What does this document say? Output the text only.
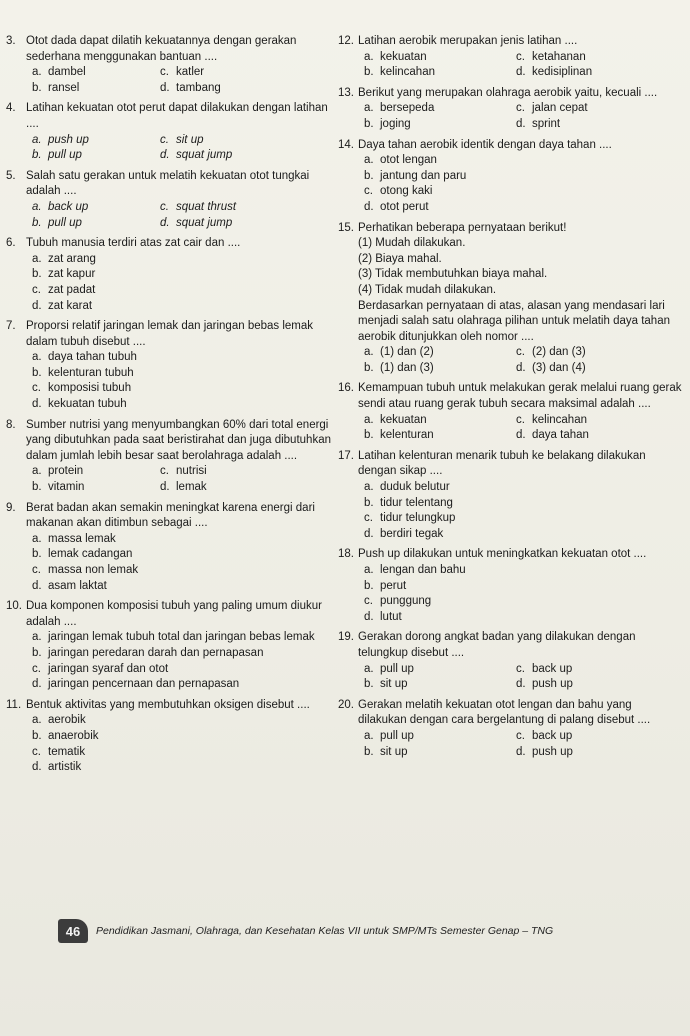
3. Otot dada dapat dilatih kekuatannya dengan gerakan sederhana menggunakan bantuan ....
a. dambel	c. katler
b. ransel	d. tambang
4. Latihan kekuatan otot perut dapat dilakukan dengan latihan ....
a. push up	c. sit up
b. pull up	d. squat jump
5. Salah satu gerakan untuk melatih kekuatan otot tungkai adalah ....
a. back up	c. squat thrust
b. pull up	d. squat jump
6. Tubuh manusia terdiri atas zat cair dan ....
a. zat arang
b. zat kapur
c. zat padat
d. zat karat
7. Proporsi relatif jaringan lemak dan jaringan bebas lemak dalam tubuh disebut ....
a. daya tahan tubuh
b. kelenturan tubuh
c. komposisi tubuh
d. kekuatan tubuh
8. Sumber nutrisi yang menyumbangkan 60% dari total energi yang dibutuhkan pada saat beristirahat dan juga dibutuhkan dalam jumlah lebih besar saat berolahraga adalah ....
a. protein	c. nutrisi
b. vitamin	d. lemak
9. Berat badan akan semakin meningkat karena energi dari makanan akan ditimbun sebagai ....
a. massa lemak
b. lemak cadangan
c. massa non lemak
d. asam laktat
10. Dua komponen komposisi tubuh yang paling umum diukur adalah ....
a. jaringan lemak tubuh total dan jaringan bebas lemak
b. jaringan peredaran darah dan pernapasan
c. jaringan syaraf dan otot
d. jaringan pencernaan dan pernapasan
11. Bentuk aktivitas yang membutuhkan oksigen disebut ....
a. aerobik
b. anaerobik
c. tematik
d. artistik
12. Latihan aerobik merupakan jenis latihan ....
a. kekuatan	c. ketahanan
b. kelincahan	d. kedisiplinan
13. Berikut yang merupakan olahraga aerobik yaitu, kecuali ....
a. bersepeda	c. jalan cepat
b. joging	d. sprint
14. Daya tahan aerobik identik dengan daya tahan ....
a. otot lengan
b. jantung dan paru
c. otong kaki
d. otot perut
15. Perhatikan beberapa pernyataan berikut!
(1) Mudah dilakukan.
(2) Biaya mahal.
(3) Tidak membutuhkan biaya mahal.
(4) Tidak mudah dilakukan.
Berdasarkan pernyataan di atas, alasan yang mendasari lari menjadi salah satu olahraga pilihan untuk melatih daya tahan aerobik ditunjukkan oleh nomor ....
a. (1) dan (2)	c. (2) dan (3)
b. (1) dan (3)	d. (3) dan (4)
16. Kemampuan tubuh untuk melakukan gerak melalui ruang gerak sendi atau ruang gerak tubuh secara maksimal adalah ....
a. kekuatan	c. kelincahan
b. kelenturan	d. daya tahan
17. Latihan kelenturan menarik tubuh ke belakang dilakukan dengan sikap ....
a. duduk belutur
b. tidur telentang
c. tidur telungkup
d. berdiri tegak
18. Push up dilakukan untuk meningkatkan kekuatan otot ....
a. lengan dan bahu
b. perut
c. punggung
d. lutut
19. Gerakan dorong angkat badan yang dilakukan dengan telungkup disebut ....
a. pull up	c. back up
b. sit up	d. push up
20. Gerakan melatih kekuatan otot lengan dan bahu yang dilakukan dengan cara bergelantung di palang disebut ....
a. pull up	c. back up
b. sit up	d. push up
46	Pendidikan Jasmani, Olahraga, dan Kesehatan Kelas VII untuk SMP/MTs Semester Genap – TNG
